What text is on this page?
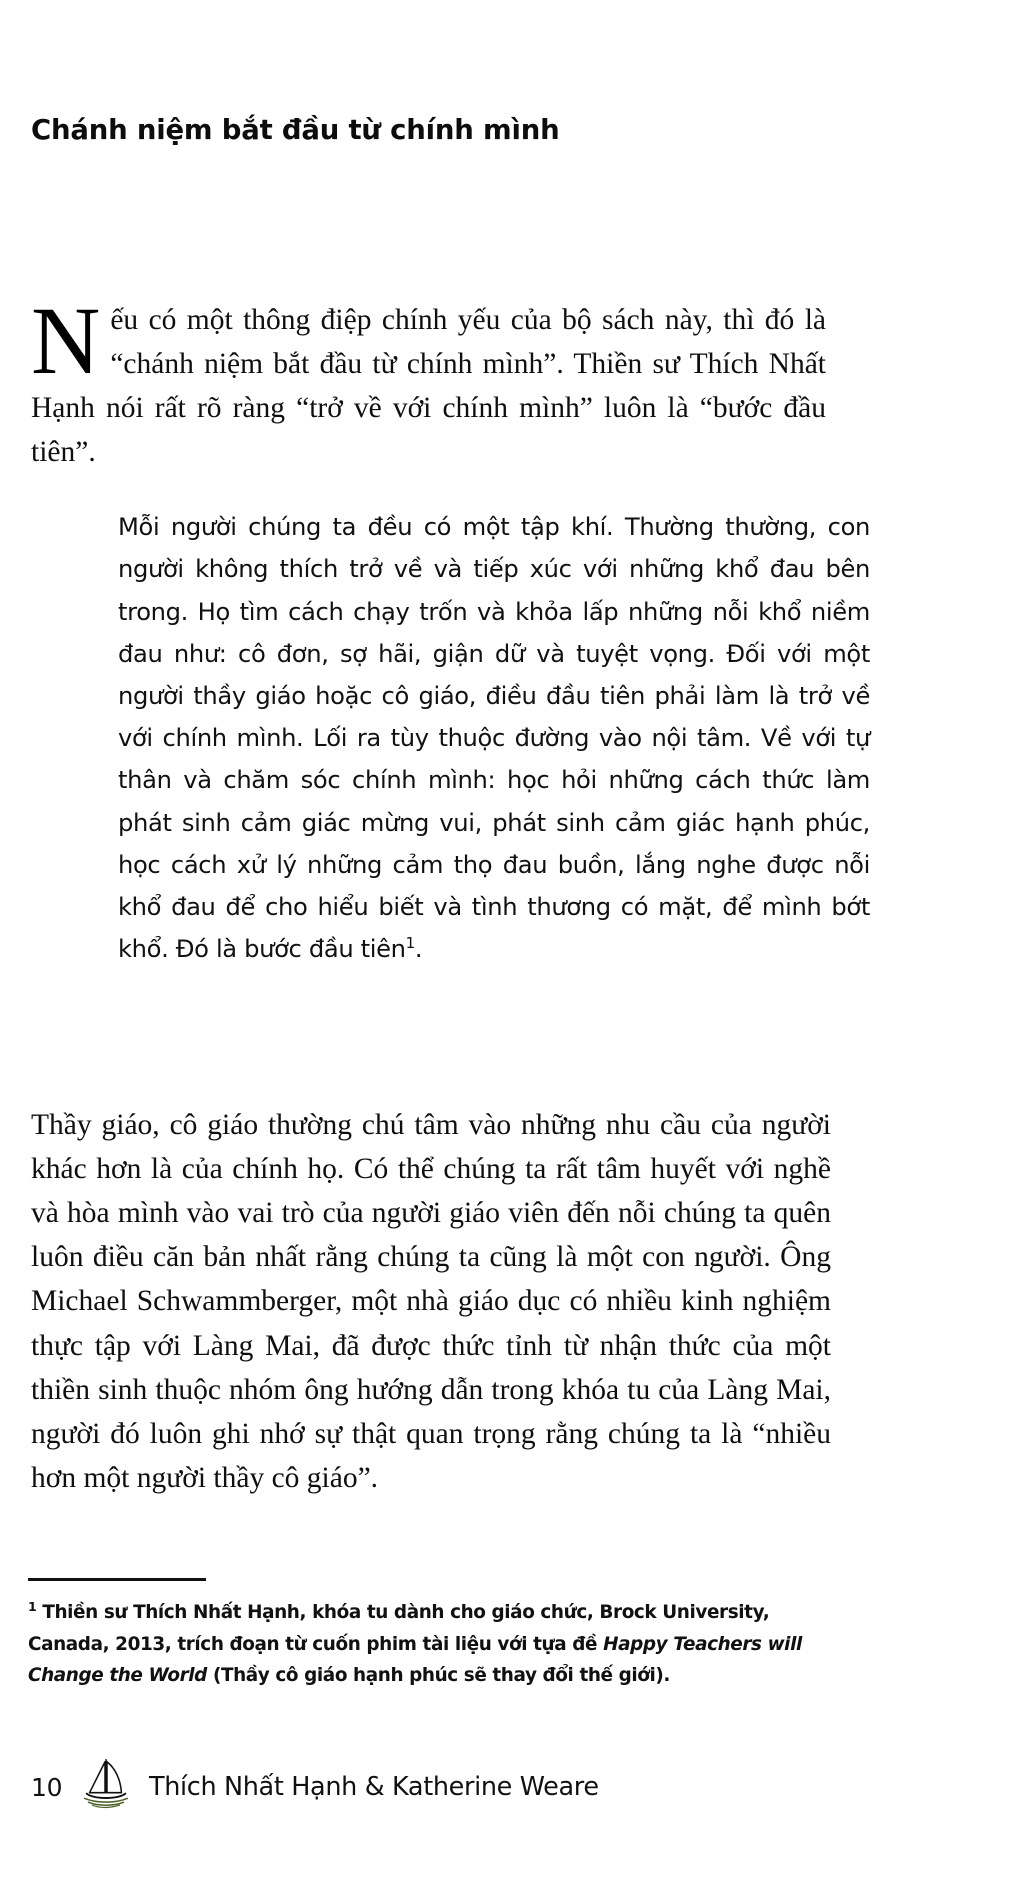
Chánh niệm bắt đầu từ chính mình

Nếu có một thông điệp chính yếu của bộ sách này, thì đó là “chánh niệm bắt đầu từ chính mình”. Thiền sư Thích Nhất Hạnh nói rất rõ ràng “trở về với chính mình” luôn là “bước đầu tiên”.

Mỗi người chúng ta đều có một tập khí. Thường thường, con người không thích trở về và tiếp xúc với những khổ đau bên trong. Họ tìm cách chạy trốn và khỏa lấp những nỗi khổ niềm đau như: cô đơn, sợ hãi, giận dữ và tuyệt vọng. Đối với một người thầy giáo hoặc cô giáo, điều đầu tiên phải làm là trở về với chính mình. Lối ra tùy thuộc đường vào nội tâm. Về với tự thân và chăm sóc chính mình: học hỏi những cách thức làm phát sinh cảm giác mừng vui, phát sinh cảm giác hạnh phúc, học cách xử lý những cảm thọ đau buồn, lắng nghe được nỗi khổ đau để cho hiểu biết và tình thương có mặt, để mình bớt khổ. Đó là bước đầu tiên$^1$.

Thầy giáo, cô giáo thường chú tâm vào những nhu cầu của người khác hơn là của chính họ. Có thể chúng ta rất tâm huyết với nghề và hòa mình vào vai trò của người giáo viên đến nỗi chúng ta quên luôn điều căn bản nhất rằng chúng ta cũng là một con người. Ông Michael Schwammberger, một nhà giáo dục có nhiều kinh nghiệm thực tập với Làng Mai, đã được thức tỉnh từ nhận thức của một thiền sinh thuộc nhóm ông hướng dẫn trong khóa tu của Làng Mai, người đó luôn ghi nhớ sự thật quan trọng rằng chúng ta là “nhiều hơn một người thầy cô giáo”.

$^1$ Thiền sư Thích Nhất Hạnh, khóa tu dành cho giáo chức, Brock University, Canada, 2013, trích đoạn từ cuốn phim tài liệu với tựa đề Happy Teachers will Change the World (Thầy cô giáo hạnh phúc sẽ thay đổi thế giới).
10	Thích Nhất Hạnh & Katherine Weare
